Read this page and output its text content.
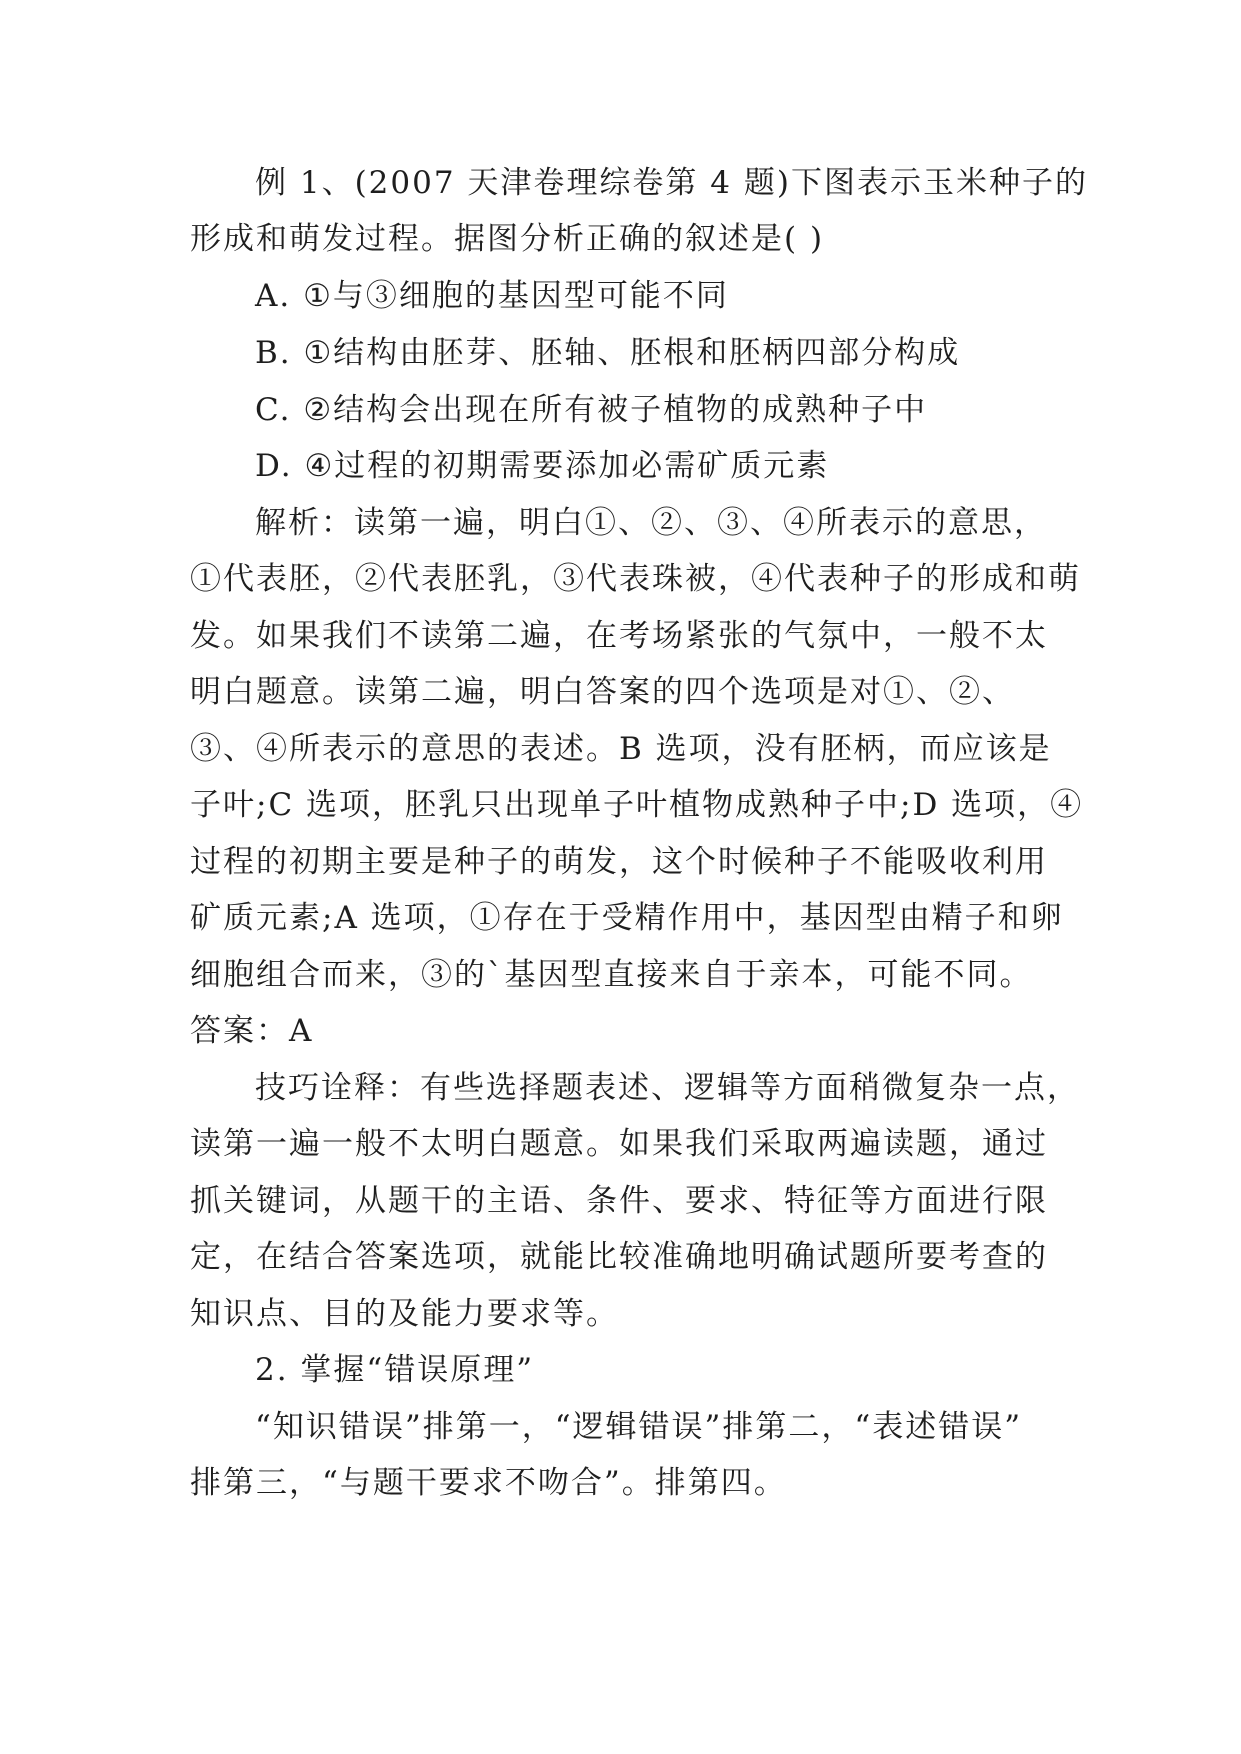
例 1、(2007 天津卷理综卷第 4 题)下图表示玉米种子的
形成和萌发过程。据图分析正确的叙述是( )
A. ①与③细胞的基因型可能不同
B. ①结构由胚芽、胚轴、胚根和胚柄四部分构成
C. ②结构会出现在所有被子植物的成熟种子中
D. ④过程的初期需要添加必需矿质元素
解析：读第一遍，明白①、②、③、④所表示的意思，
①代表胚，②代表胚乳，③代表珠被，④代表种子的形成和萌
发。如果我们不读第二遍，在考场紧张的气氛中，一般不太
明白题意。读第二遍，明白答案的四个选项是对①、②、
③、④所表示的意思的表述。B 选项，没有胚柄，而应该是
子叶;C 选项，胚乳只出现单子叶植物成熟种子中;D 选项，④
过程的初期主要是种子的萌发，这个时候种子不能吸收利用
矿质元素;A 选项，①存在于受精作用中，基因型由精子和卵
细胞组合而来，③的`基因型直接来自于亲本，可能不同。
答案：A
技巧诠释：有些选择题表述、逻辑等方面稍微复杂一点，
读第一遍一般不太明白题意。如果我们采取两遍读题，通过
抓关键词，从题干的主语、条件、要求、特征等方面进行限
定，在结合答案选项，就能比较准确地明确试题所要考查的
知识点、目的及能力要求等。
2. 掌握“错误原理”
“知识错误”排第一，“逻辑错误”排第二，“表述错误”
排第三，“与题干要求不吻合”。排第四。
